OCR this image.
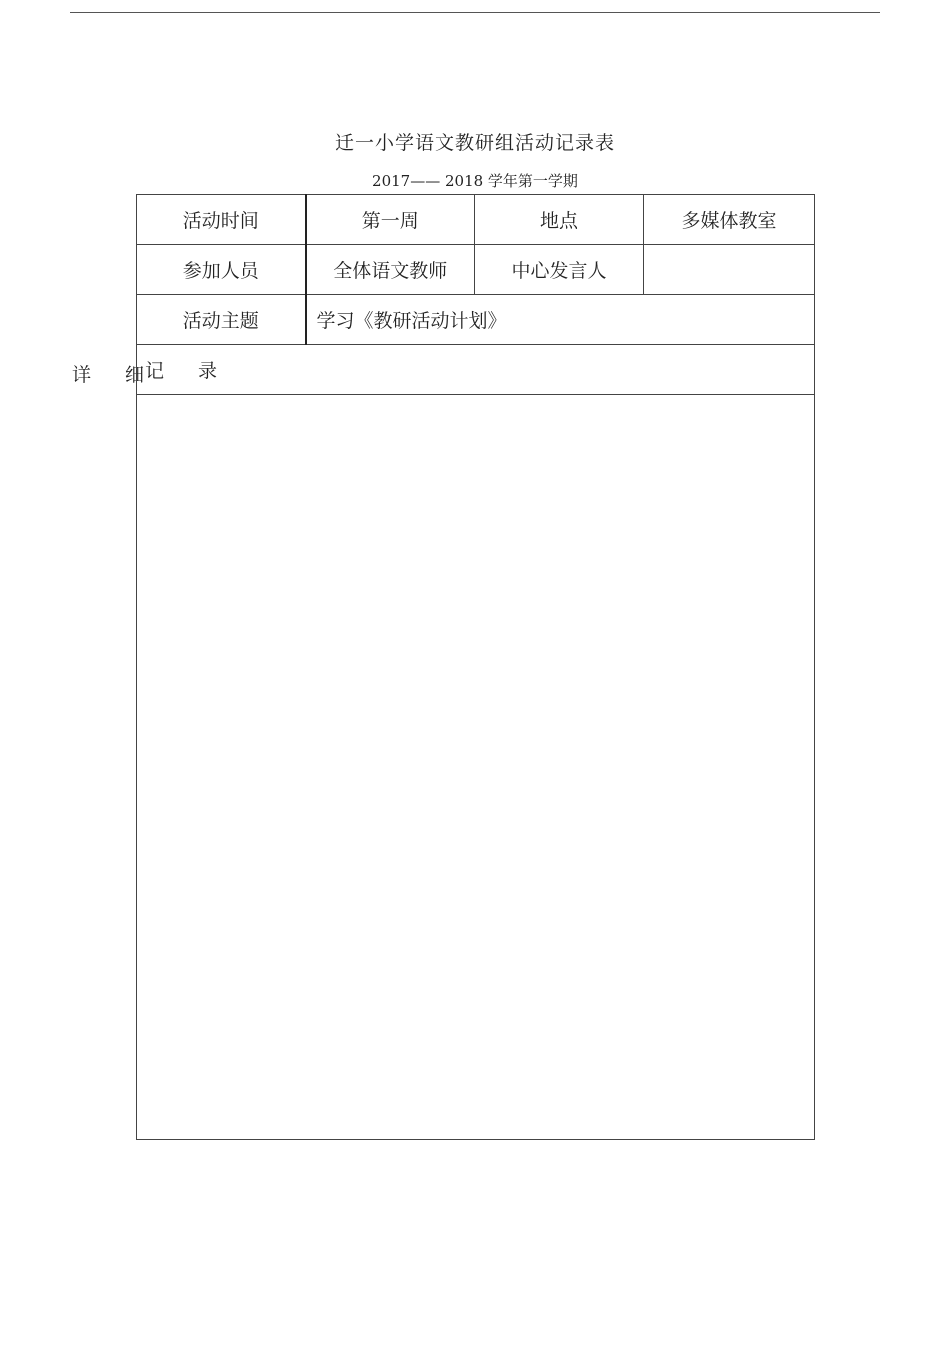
迁一小学语文教研组活动记录表
2017—— 2018 学年第一学期
详 细
活动时间	第一周	地点	多媒体教室
参加人员	全体语文教师	中心发言人	
活动主题	学习《教研活动计划》		
记 录			
